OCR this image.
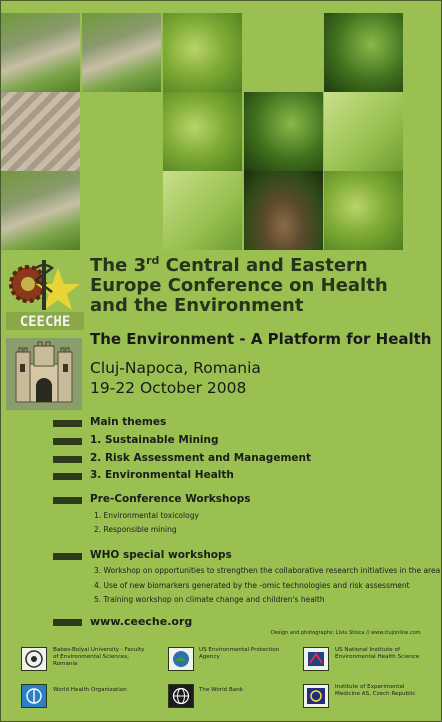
CEECHE
The 3rd Central and Eastern
Europe Conference on Health
and the Environment
The Environment - A Platform for Health
Cluj-Napoca, Romania
19-22 October 2008
Main themes
1. Sustainable Mining
2. Risk Assessment and Management
3. Environmental Health
Pre-Conference Workshops
1. Environmental toxicology
2. Responsible mining
WHO special workshops
3. Workshop on opportunities to strengthen the collaborative research initiatives in the area
4. Use of new biomarkers generated by the -omic technologies and risk assessment
5. Training workshop on climate change and children's health
www.ceeche.org
Design and photographs: Liviu Stoica // www.clujonline.com
Babes-Bolyai University - Faculty of Environmental Sciences, Romania
US Environmental Protection Agency
US National Institute of Environmental Health Science
World Health Organization	The World Bank	Institute of Experimental Medicine AS, Czech Republic
